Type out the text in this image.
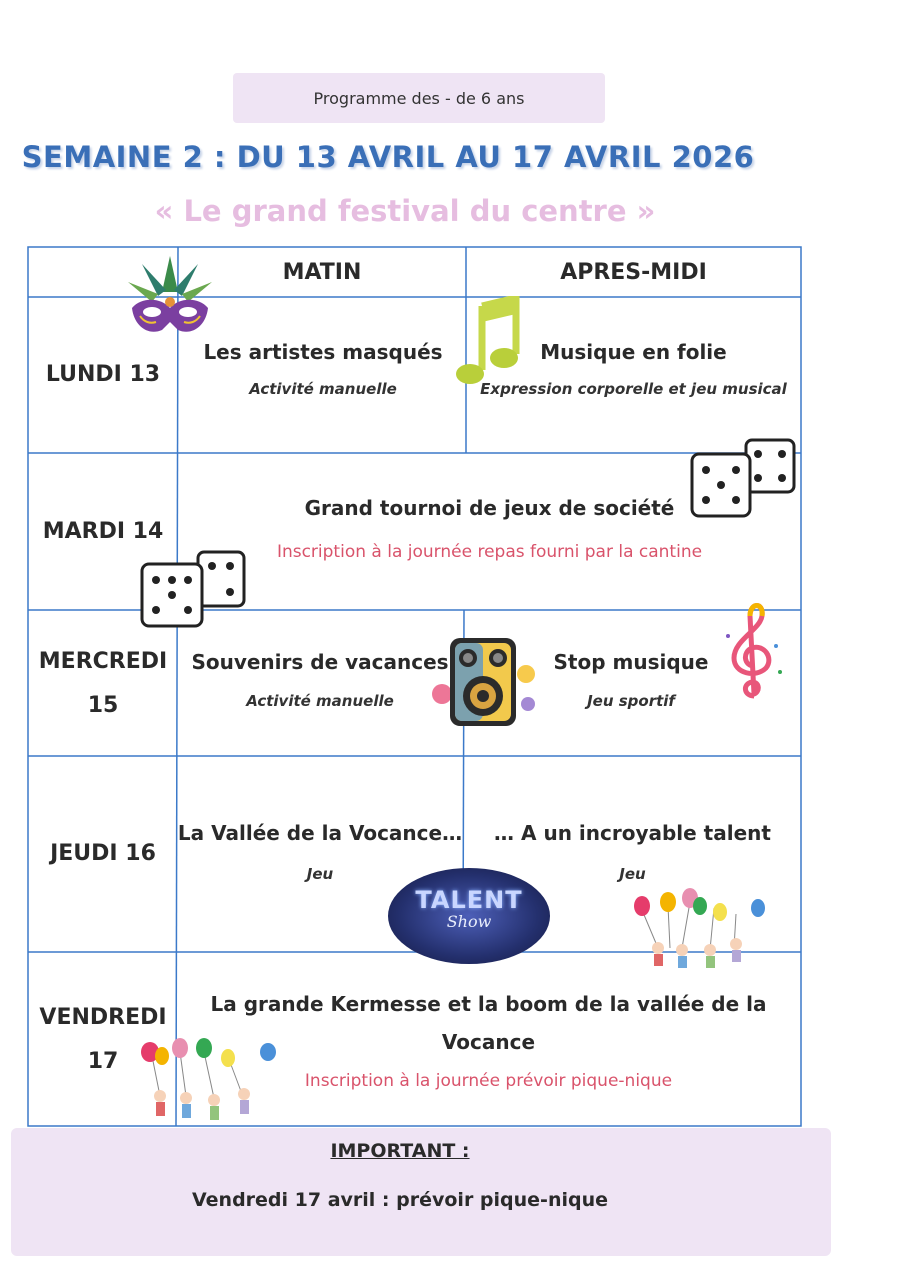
Programme des - de 6 ans
SEMAINE 2 : DU 13 AVRIL AU 17 AVRIL 2026
« Le grand festival du centre »
MATIN	APRES-MIDI
LUNDI 13
Les artistes masqués
Activité manuelle
Musique en folie
Expression corporelle et jeu musical
MARDI 14
Grand tournoi de jeux de société
Inscription à la journée repas fourni par la cantine
MERCREDI
15
Souvenirs de vacances
Activité manuelle
Stop musique
Jeu sportif
JEUDI 16
La Vallée de la Vocance…
Jeu
… A un incroyable talent
Jeu
VENDREDI
17
La grande Kermesse et la boom de la vallée de la
Vocance
Inscription à la journée prévoir pique-nique
IMPORTANT :
Vendredi 17 avril : prévoir pique-nique
TALENT
Show
